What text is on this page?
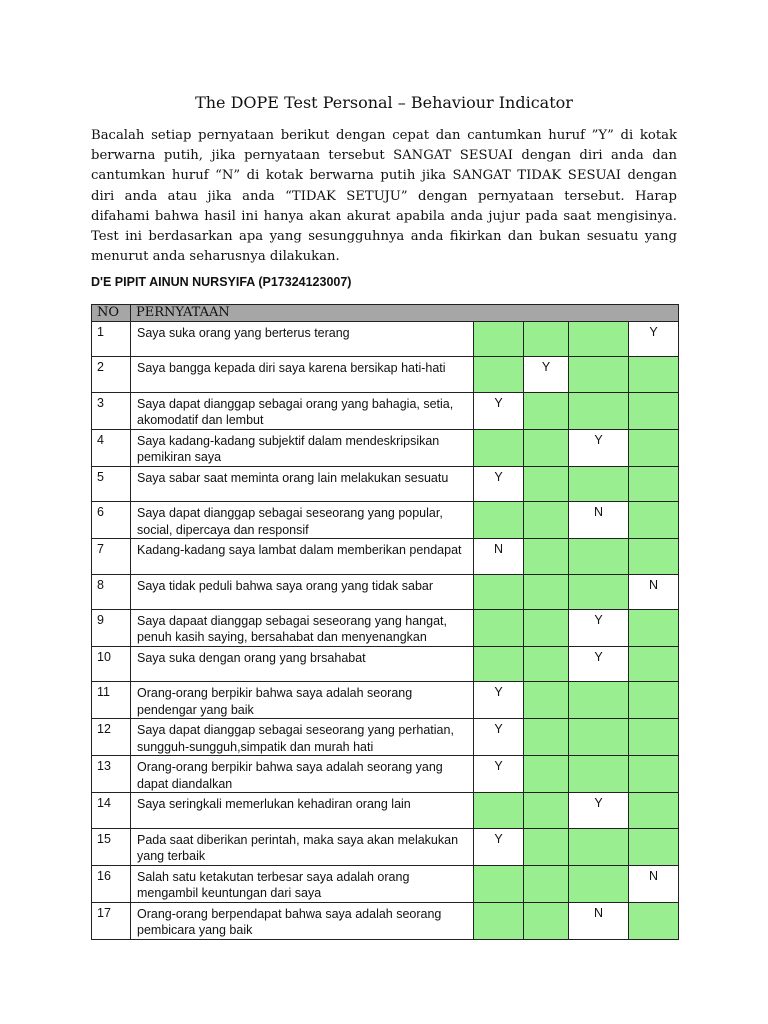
The DOPE Test Personal – Behaviour Indicator

Bacalah setiap pernyataan berikut dengan cepat dan cantumkan huruf ”Y” di kotak berwarna putih, jika pernyataan tersebut SANGAT SESUAI dengan diri anda dan cantumkan huruf “N” di kotak berwarna putih jika SANGAT TIDAK SESUAI dengan diri anda atau jika anda “TIDAK SETUJU” dengan pernyataan tersebut. Harap difahami bahwa hasil ini hanya akan akurat apabila anda jujur pada saat mengisinya. Test ini berdasarkan apa yang sesungguhnya anda fikirkan dan bukan sesuatu yang menurut anda seharusnya dilakukan.

D'E PIPIT AINUN NURSYIFA (P17324123007)
NO	PERNYATAAN				
1	Saya suka orang yang berterus terang				Y
2	Saya bangga kepada diri saya karena bersikap hati-hati		Y		
3	Saya dapat dianggap sebagai orang yang bahagia, setia, akomodatif dan lembut	Y			
4	Saya kadang-kadang subjektif dalam mendeskripsikan pemikiran saya			Y	
5	Saya sabar saat meminta orang lain melakukan sesuatu	Y			
6	Saya dapat dianggap sebagai seseorang yang popular, social, dipercaya dan responsif			N	
7	Kadang-kadang saya lambat dalam memberikan pendapat	N			
8	Saya tidak peduli bahwa saya orang yang tidak sabar				N
9	Saya dapaat dianggap sebagai seseorang yang hangat, penuh kasih saying, bersahabat dan menyenangkan			Y	
10	Saya suka dengan orang yang brsahabat			Y	
11	Orang-orang berpikir bahwa saya adalah seorang pendengar yang baik	Y			
12	Saya dapat dianggap sebagai seseorang yang perhatian, sungguh-sungguh,simpatik dan murah hati	Y			
13	Orang-orang berpikir bahwa saya adalah seorang yang dapat diandalkan	Y			
14	Saya seringkali memerlukan kehadiran orang lain			Y	
15	Pada saat diberikan perintah, maka saya akan melakukan yang terbaik	Y			
16	Salah satu ketakutan terbesar saya adalah orang mengambil keuntungan dari saya				N
17	Orang-orang berpendapat bahwa saya adalah seorang pembicara yang baik			N	
